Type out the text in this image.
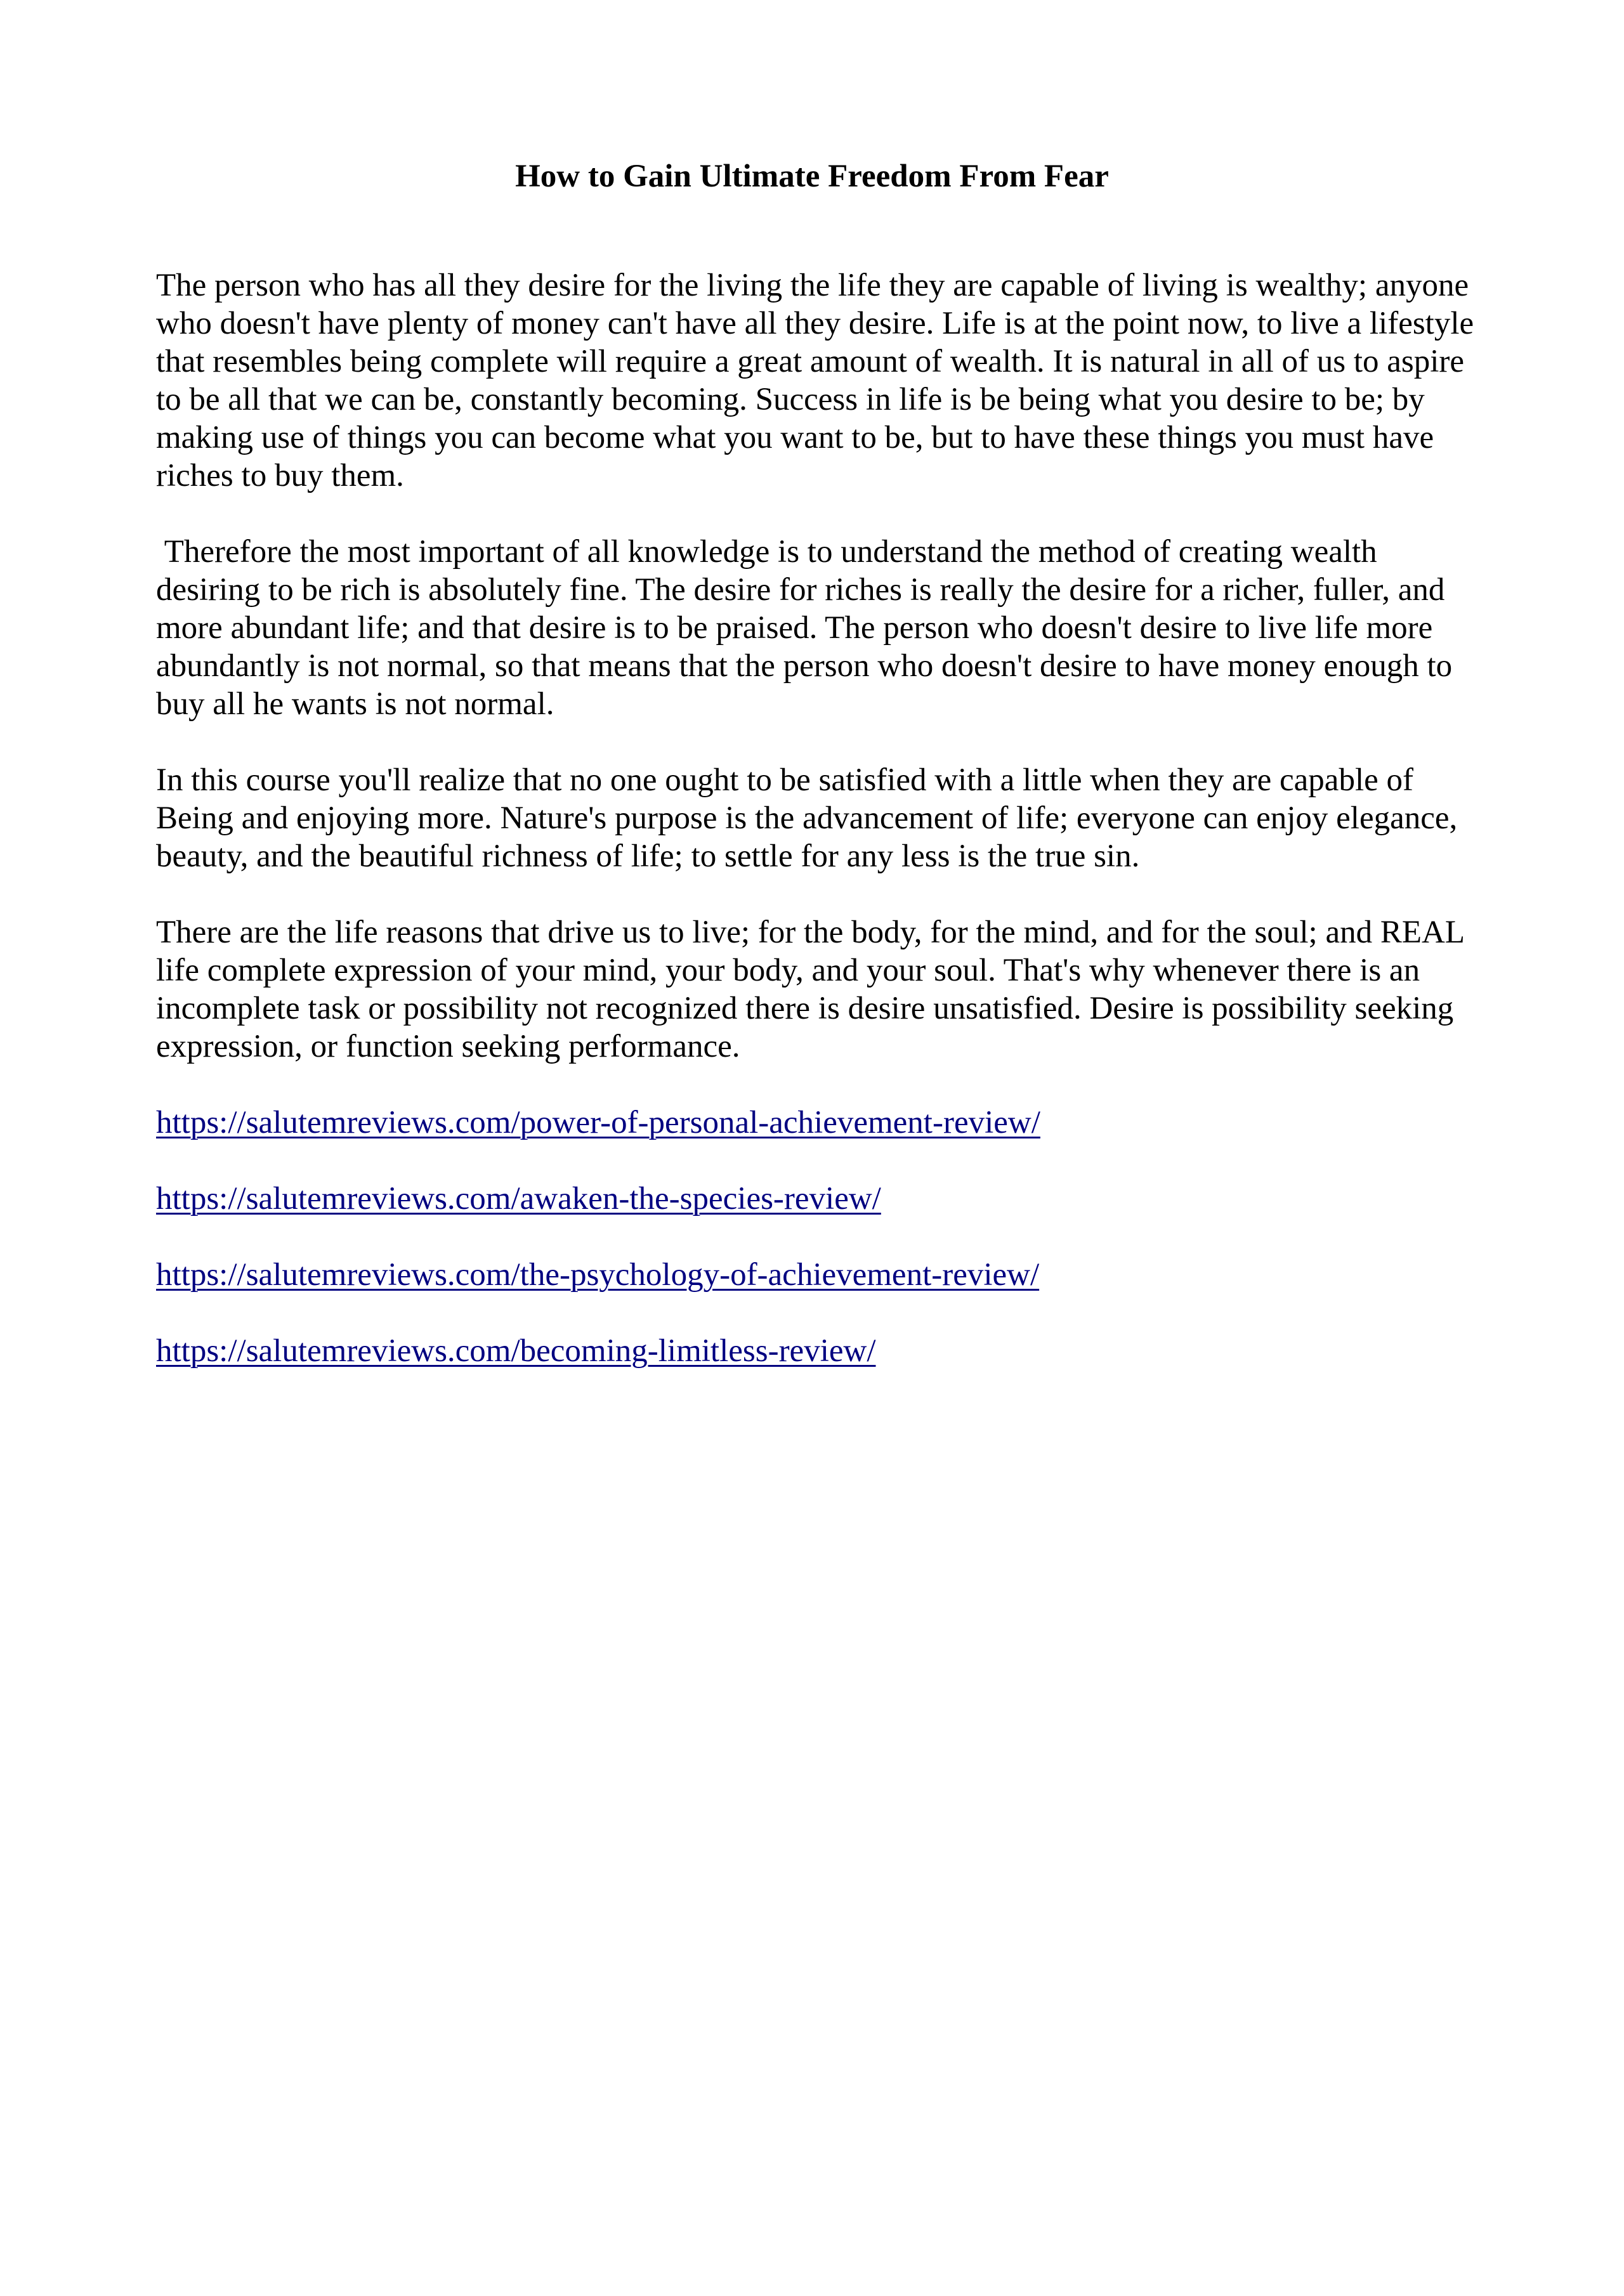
How to Gain Ultimate Freedom From Fear

The person who has all they desire for the living the life they are capable of living is wealthy; anyone who doesn't have plenty of money can't have all they desire. Life is at the point now, to live a lifestyle that resembles being complete will require a great amount of wealth. It is natural in all of us to aspire to be all that we can be, constantly becoming. Success in life is be being what you desire to be; by making use of things you can become what you want to be, but to have these things you must have riches to buy them.

Therefore the most important of all knowledge is to understand the method of creating wealth desiring to be rich is absolutely fine. The desire for riches is really the desire for a richer, fuller, and more abundant life; and that desire is to be praised. The person who doesn't desire to live life more abundantly is not normal, so that means that the person who doesn't desire to have money enough to buy all he wants is not normal.

In this course you'll realize that no one ought to be satisfied with a little when they are capable of Being and enjoying more. Nature's purpose is the advancement of life; everyone can enjoy elegance, beauty, and the beautiful richness of life; to settle for any less is the true sin.

There are the life reasons that drive us to live; for the body, for the mind, and for the soul; and REAL life complete expression of your mind, your body, and your soul. That's why whenever there is an incomplete task or possibility not recognized there is desire unsatisfied. Desire is possibility seeking expression, or function seeking performance.

https://salutemreviews.com/power-of-personal-achievement-review/
https://salutemreviews.com/awaken-the-species-review/
https://salutemreviews.com/the-psychology-of-achievement-review/
https://salutemreviews.com/becoming-limitless-review/
